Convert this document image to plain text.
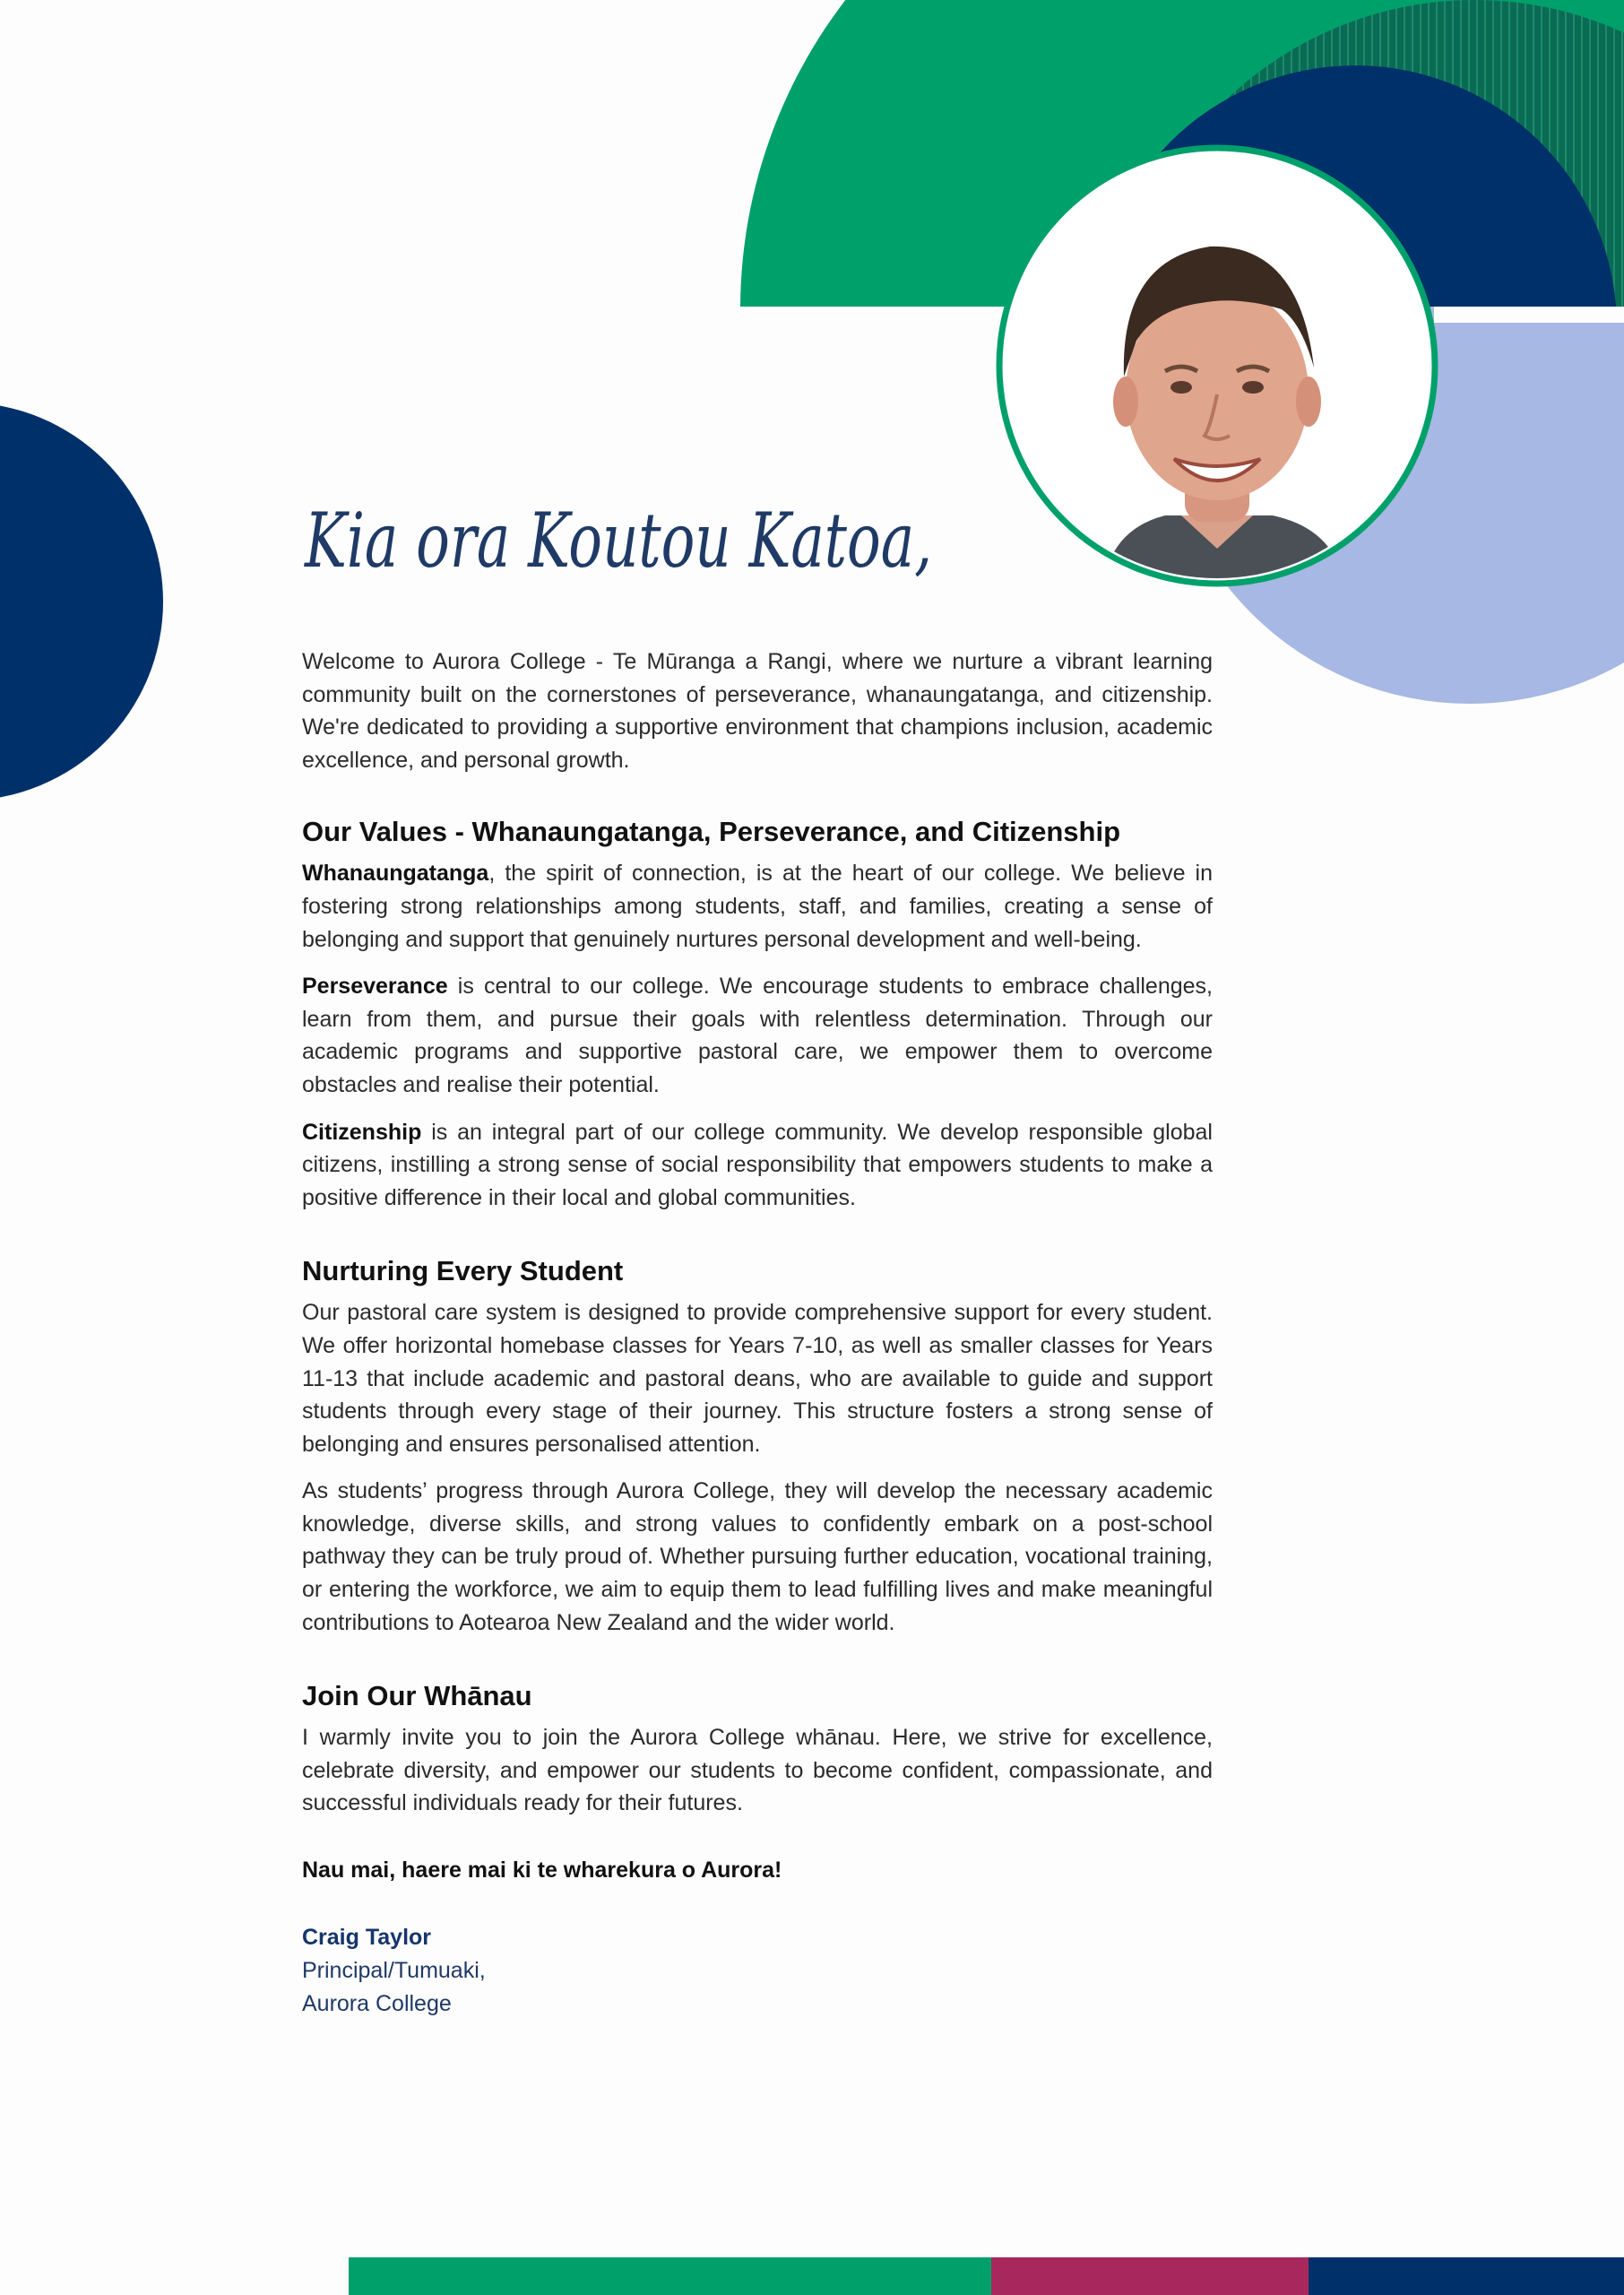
Kia ora Koutou Katoa,

Welcome to Aurora College - Te Mūranga a Rangi, where we nurture a vibrant learning community built on the cornerstones of perseverance, whanaungatanga, and citizenship. We're dedicated to providing a supportive environment that champions inclusion, academic excellence, and personal growth.

Our Values - Whanaungatanga, Perseverance, and Citizenship

Whanaungatanga, the spirit of connection, is at the heart of our college. We believe in fostering strong relationships among students, staff, and families, creating a sense of belonging and support that genuinely nurtures personal development and well-being.

Perseverance is central to our college. We encourage students to embrace challenges, learn from them, and pursue their goals with relentless determination. Through our academic programs and supportive pastoral care, we empower them to overcome obstacles and realise their potential.

Citizenship is an integral part of our college community. We develop responsible global citizens, instilling a strong sense of social responsibility that empowers students to make a positive difference in their local and global communities.

Nurturing Every Student

Our pastoral care system is designed to provide comprehensive support for every student. We offer horizontal homebase classes for Years 7-10, as well as smaller classes for Years 11-13 that include academic and pastoral deans, who are available to guide and support students through every stage of their journey. This structure fosters a strong sense of belonging and ensures personalised attention.

As students’ progress through Aurora College, they will develop the necessary academic knowledge, diverse skills, and strong values to confidently embark on a post-school pathway they can be truly proud of. Whether pursuing further education, vocational training, or entering the workforce, we aim to equip them to lead fulfilling lives and make meaningful contributions to Aotearoa New Zealand and the wider world.

Join Our Whānau

I warmly invite you to join the Aurora College whānau. Here, we strive for excellence, celebrate diversity, and empower our students to become confident, compassionate, and successful individuals ready for their futures.

Nau mai, haere mai ki te wharekura o Aurora!

Craig Taylor
Principal/Tumuaki,
Aurora College
